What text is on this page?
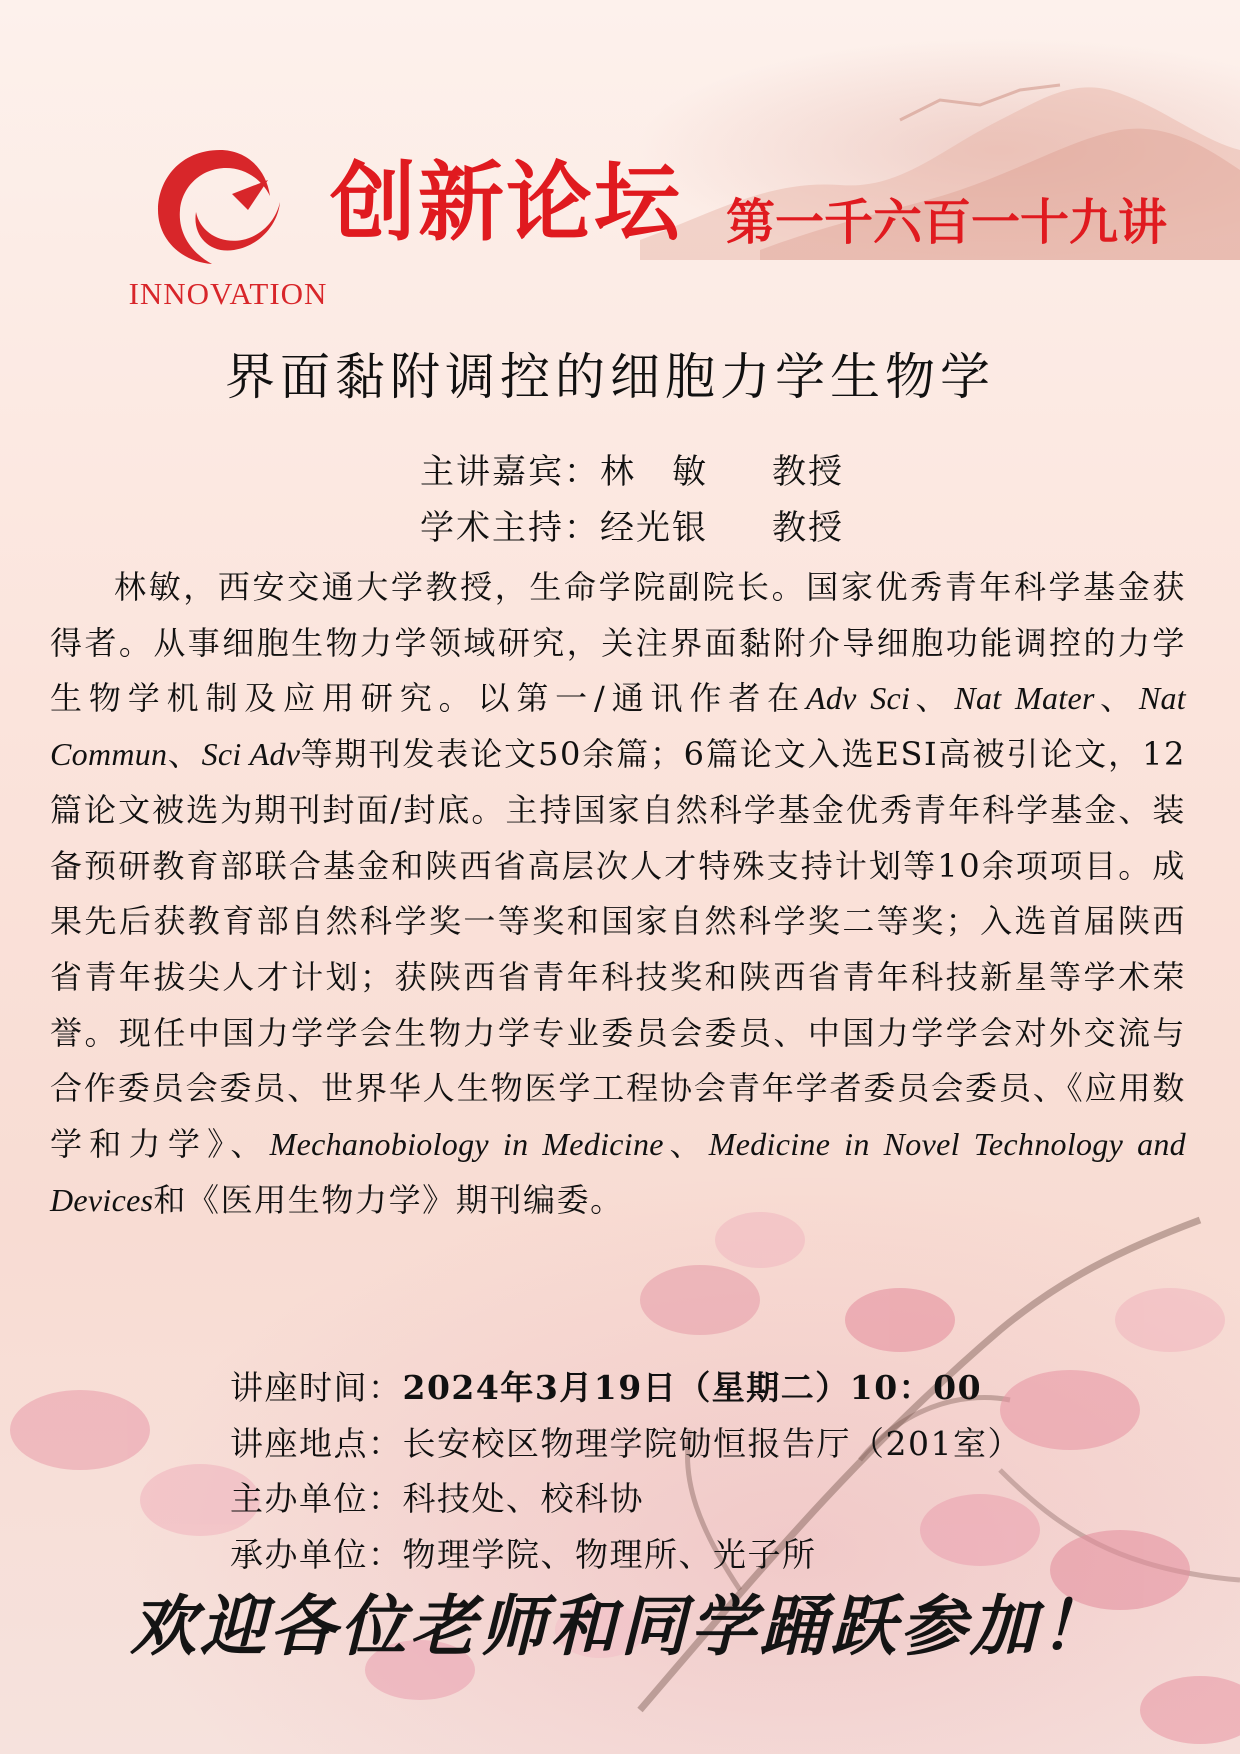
INNOVATION
创新论坛 第一千六百一十九讲
界面黏附调控的细胞力学生物学
主讲嘉宾：林　敏 教授
学术主持：经光银 教授
林敏，西安交通大学教授，生命学院副院长。国家优秀青年科学基金获得者。从事细胞生物力学领域研究，关注界面黏附介导细胞功能调控的力学生物学机制及应用研究。以第一/通讯作者在Adv Sci、Nat Mater、Nat Commun、Sci Adv等期刊发表论文50余篇；6篇论文入选ESI高被引论文，12篇论文被选为期刊封面/封底。主持国家自然科学基金优秀青年科学基金、装备预研教育部联合基金和陕西省高层次人才特殊支持计划等10余项项目。成果先后获教育部自然科学奖一等奖和国家自然科学奖二等奖；入选首届陕西省青年拔尖人才计划；获陕西省青年科技奖和陕西省青年科技新星等学术荣誉。现任中国力学学会生物力学专业委员会委员、中国力学学会对外交流与合作委员会委员、世界华人生物医学工程协会青年学者委员会委员、《应用数学和力学》、Mechanobiology in Medicine、Medicine in Novel Technology and Devices和《医用生物力学》期刊编委。
讲座时间：2024年3月19日（星期二）10：00
讲座地点：长安校区物理学院劬恒报告厅（201室）
主办单位：科技处、校科协
承办单位：物理学院、物理所、光子所
欢迎各位老师和同学踊跃参加！
